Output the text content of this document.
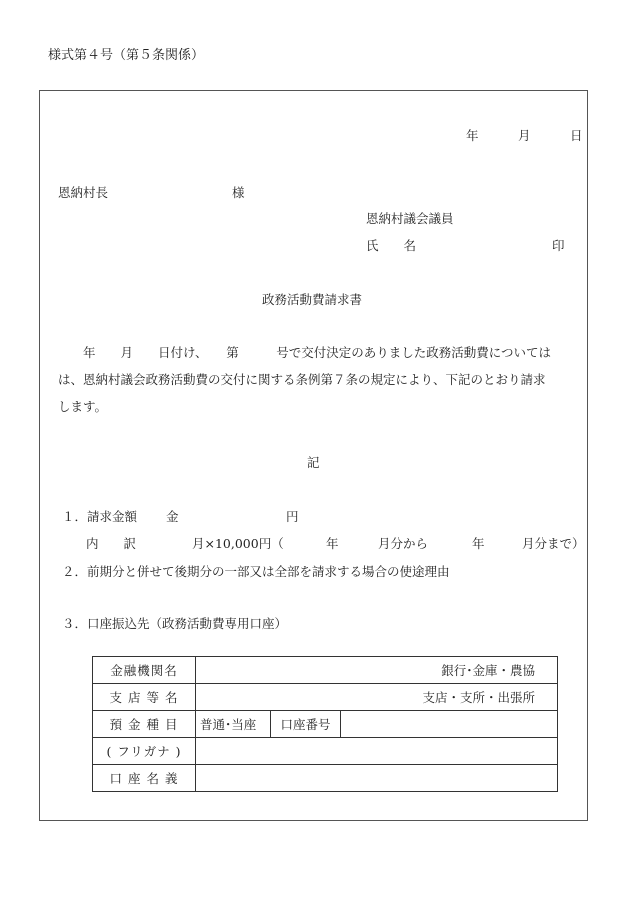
様式第４号（第５条関係）
年	月	日
恩納村長	様
恩納村議会議員
氏　　名	印
政務活動費請求書

　　年　　月　　日付け、　　第　　　号で交付決定のありました政務活動費については
は、恩納村議会政務活動費の交付に関する条例第７条の規定により、下記のとおり請求
します。

記
１．請求金額 金	円
内　　訳	月×10,000円（	年	月分から	年	月分まで）
２．前期分と併せて後期分の一部又は全部を請求する場合の使途理由
３．口座振込先（政務活動費専用口座）
金融機関名	銀行･金庫・農協		
支 店 等 名	支店・支所・出張所		
預 金 種 目	普通･当座	口座番号	
( フリガナ )			
口 座 名 義			
